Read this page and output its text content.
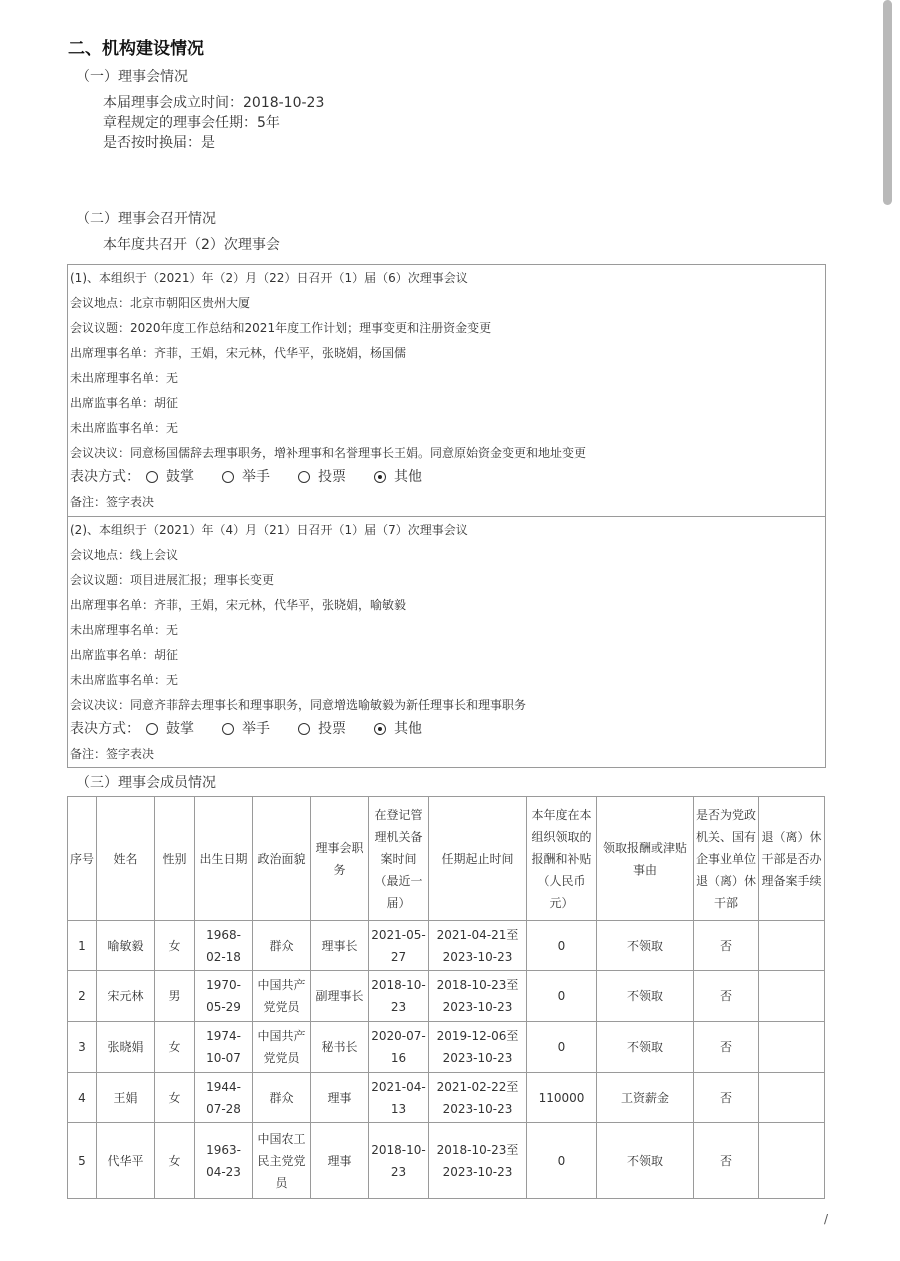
二、机构建设情况
（一）理事会情况
本届理事会成立时间：2018-10-23
章程规定的理事会任期：5年
是否按时换届：是
（二）理事会召开情况
本年度共召开（2）次理事会
(1)、本组织于（2021）年（2）月（22）日召开（1）届（6）次理事会议
会议地点：北京市朝阳区贵州大厦
会议议题：2020年度工作总结和2021年度工作计划；理事变更和注册资金变更
出席理事名单：齐菲，王娟，宋元林，代华平，张晓娟，杨国儒
未出席理事名单：无
出席监事名单：胡征
未出席监事名单：无
会议决议：同意杨国儒辞去理事职务，增补理事和名誉理事长王娟。同意原始资金变更和地址变更
表决方式： 鼓掌	举手	投票	其他
备注：签字表决
(2)、本组织于（2021）年（4）月（21）日召开（1）届（7）次理事会议
会议地点：线上会议
会议议题：项目进展汇报；理事长变更
出席理事名单：齐菲，王娟，宋元林，代华平，张晓娟，喻敏毅
未出席理事名单：无
出席监事名单：胡征
未出席监事名单：无
会议决议：同意齐菲辞去理事长和理事职务，同意增选喻敏毅为新任理事长和理事职务
表决方式： 鼓掌	举手	投票	其他
备注：签字表决
（三）理事会成员情况
序号	姓名	性别	出生日期	政治面貌	理事会职务	在登记管理机关备案时间（最近一届）	任期起止时间	本年度在本组织领取的报酬和补贴（人民币元）	领取报酬或津贴事由	是否为党政机关、国有企事业单位退（离）休干部	退（离）休干部是否办理备案手续
1	喻敏毅	女	1968-02-18	群众	理事长	2021-05-27	2021-04-21至2023-10-23	0	不领取	否	
2	宋元林	男	1970-05-29	中国共产党党员	副理事长	2018-10-23	2018-10-23至2023-10-23	0	不领取	否	
3	张晓娟	女	1974-10-07	中国共产党党员	秘书长	2020-07-16	2019-12-06至2023-10-23	0	不领取	否	
4	王娟	女	1944-07-28	群众	理事	2021-04-13	2021-02-22至2023-10-23	110000	工资薪金	否	
5	代华平	女	1963-04-23	中国农工民主党党员	理事	2018-10-23	2018-10-23至2023-10-23	0	不领取	否	
/
